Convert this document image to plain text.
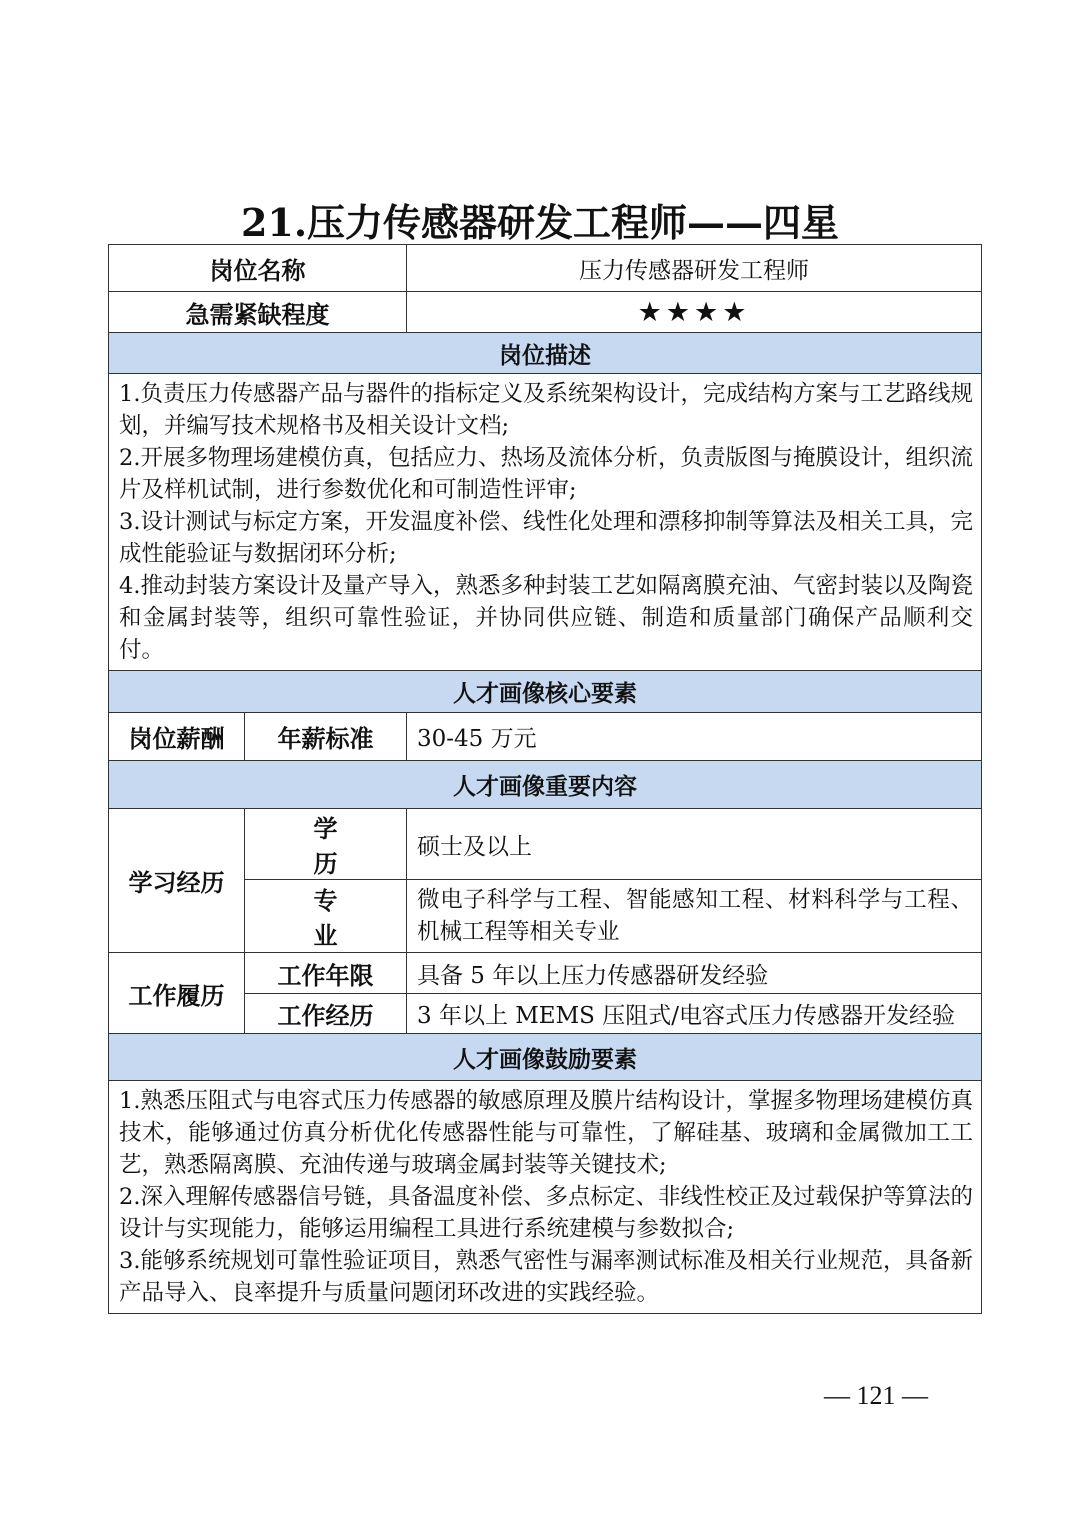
21.压力传感器研发工程师——四星
岗位名称		压力传感器研发工程师
急需紧缺程度		★★★★
岗位描述		

1.负责压力传感器产品与器件的指标定义及系统架构设计，完成结构方案与工艺路线规划，并编写技术规格书及相关设计文档;

2.开展多物理场建模仿真，包括应力、热场及流体分析，负责版图与掩膜设计，组织流片及样机试制，进行参数优化和可制造性评审;

3.设计测试与标定方案，开发温度补偿、线性化处理和漂移抑制等算法及相关工具，完成性能验证与数据闭环分析;

4.推动封装方案设计及量产导入，熟悉多种封装工艺如隔离膜充油、气密封装以及陶瓷和金属封装等，组织可靠性验证，并协同供应链、制造和质量部门确保产品顺利交付。		

人才画像核心要素		
岗位薪酬	年薪标准	30-45 万元
人才画像重要内容		
学习经历	学历	硕士及以上
	专业	微电子科学与工程、智能感知工程、材料科学与工程、机械工程等相关专业
工作履历	工作年限	具备 5 年以上压力传感器研发经验
	工作经历	3 年以上 MEMS 压阻式/电容式压力传感器开发经验
人才画像鼓励要素		

1.熟悉压阻式与电容式压力传感器的敏感原理及膜片结构设计，掌握多物理场建模仿真技术，能够通过仿真分析优化传感器性能与可靠性，了解硅基、玻璃和金属微加工工艺，熟悉隔离膜、充油传递与玻璃金属封装等关键技术;

2.深入理解传感器信号链，具备温度补偿、多点标定、非线性校正及过载保护等算法的设计与实现能力，能够运用编程工具进行系统建模与参数拟合;

3.能够系统规划可靠性验证项目，熟悉气密性与漏率测试标准及相关行业规范，具备新产品导入、良率提升与质量问题闭环改进的实践经验。		

— 121 —
